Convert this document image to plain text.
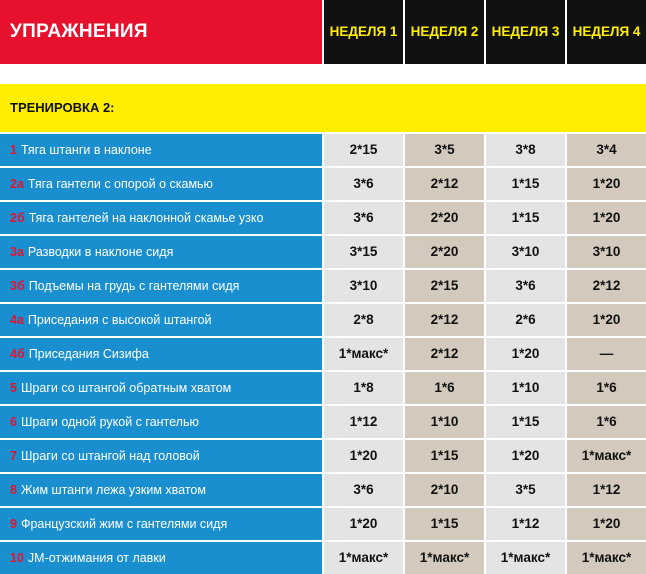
УПРАЖНЕНИЯ	НЕДЕЛЯ 1 НЕДЕЛЯ 2 НЕДЕЛЯ 3 НЕДЕЛЯ 4
ТРЕНИРОВКА 2:
1 Тяга штанги в наклоне	2*15	3*5	3*8	3*4
2а Тяга гантели с опорой о скамью	3*6	2*12	1*15	1*20
2б Тяга гантелей на наклонной скамье узко	3*6	2*20	1*15	1*20
3а Разводки в наклоне сидя	3*15	2*20	3*10	3*10
3б Подъемы на грудь с гантелями сидя	3*10	2*15	3*6	2*12
4а Приседания с высокой штангой	2*8	2*12	2*6	1*20
4б Приседания Сизифа	1*макс*	2*12	1*20	—
5 Шраги со штангой обратным хватом	1*8	1*6	1*10	1*6
6 Шраги одной рукой с гантелью	1*12	1*10	1*15	1*6
7 Шраги со штангой над головой	1*20	1*15	1*20	1*макс*
8 Жим штанги лежа узким хватом	3*6	2*10	3*5	1*12
9 Французский жим с гантелями сидя	1*20	1*15	1*12	1*20
10 JM-отжимания от лавки	1*макс*	1*макс*	1*макс*	1*макс*
